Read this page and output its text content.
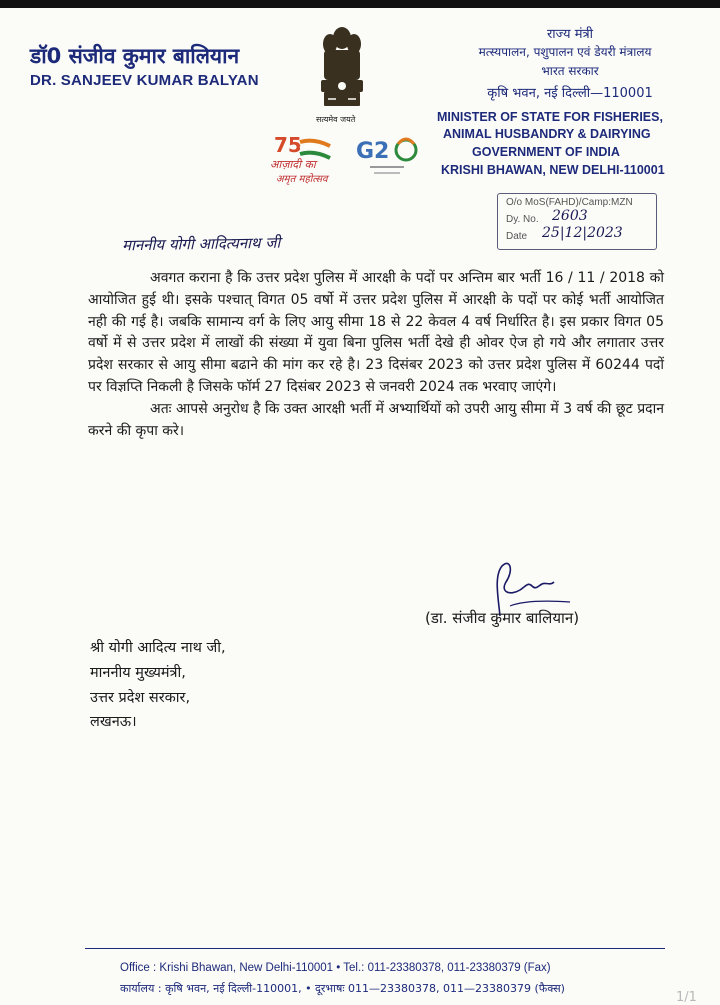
डॉ0 संजीव कुमार बालियान
DR. SANJEEV KUMAR BALYAN
सत्यमेव जयते
75
आज़ादी का
अमृत महोत्सव
G2
राज्य मंत्री
मत्स्यपालन, पशुपालन एवं डेयरी मंत्रालय
भारत सरकार
कृषि भवन, नई दिल्ली—110001
MINISTER OF STATE FOR FISHERIES,
ANIMAL HUSBANDRY & DAIRYING
GOVERNMENT OF INDIA
KRISHI BHAWAN, NEW DELHI-110001
O/o MoS(FAHD)/Camp:MZN
Dy. No. 2603
Date 25|12|2023
माननीय योगी आदित्यनाथ जी

अवगत कराना है कि उत्तर प्रदेश पुलिस में आरक्षी के पदों पर अन्तिम बार भर्ती 16 / 11 / 2018 को आयोजित हुई थी। इसके पश्चात् विगत 05 वर्षो में उत्तर प्रदेश पुलिस में आरक्षी के पदों पर कोई भर्ती आयोजित नही की गई है। जबकि सामान्य वर्ग के लिए आयु सीमा 18 से 22 केवल 4 वर्ष निर्धारित है। इस प्रकार विगत 05 वर्षो में से उत्तर प्रदेश में लाखों की संख्या में युवा बिना पुलिस भर्ती देखे ही ओवर ऐज हो गये और लगातार उत्तर प्रदेश सरकार से आयु सीमा बढाने की मांग कर रहे है। 23 दिसंबर 2023 को उत्तर प्रदेश पुलिस में 60244 पदों पर विज्ञप्ति निकली है जिसके फॉर्म 27 दिसंबर 2023 से जनवरी 2024 तक भरवाए जाएंगे।

अतः आपसे अनुरोध है कि उक्त आरक्षी भर्ती में अभ्यार्थियों को उपरी आयु सीमा में 3 वर्ष की छूट प्रदान करने की कृपा करे।

(डा. संजीव कुमार बालियान)
श्री योगी आदित्य नाथ जी,
माननीय मुख्यमंत्री,
उत्तर प्रदेश सरकार,
लखनऊ।
Office : Krishi Bhawan, New Delhi-110001 • Tel.: 011-23380378, 011-23380379 (Fax)
कार्यालय : कृषि भवन, नई दिल्ली-110001, • दूरभाषः 011—23380378, 011—23380379 (फैक्स)
1/1
